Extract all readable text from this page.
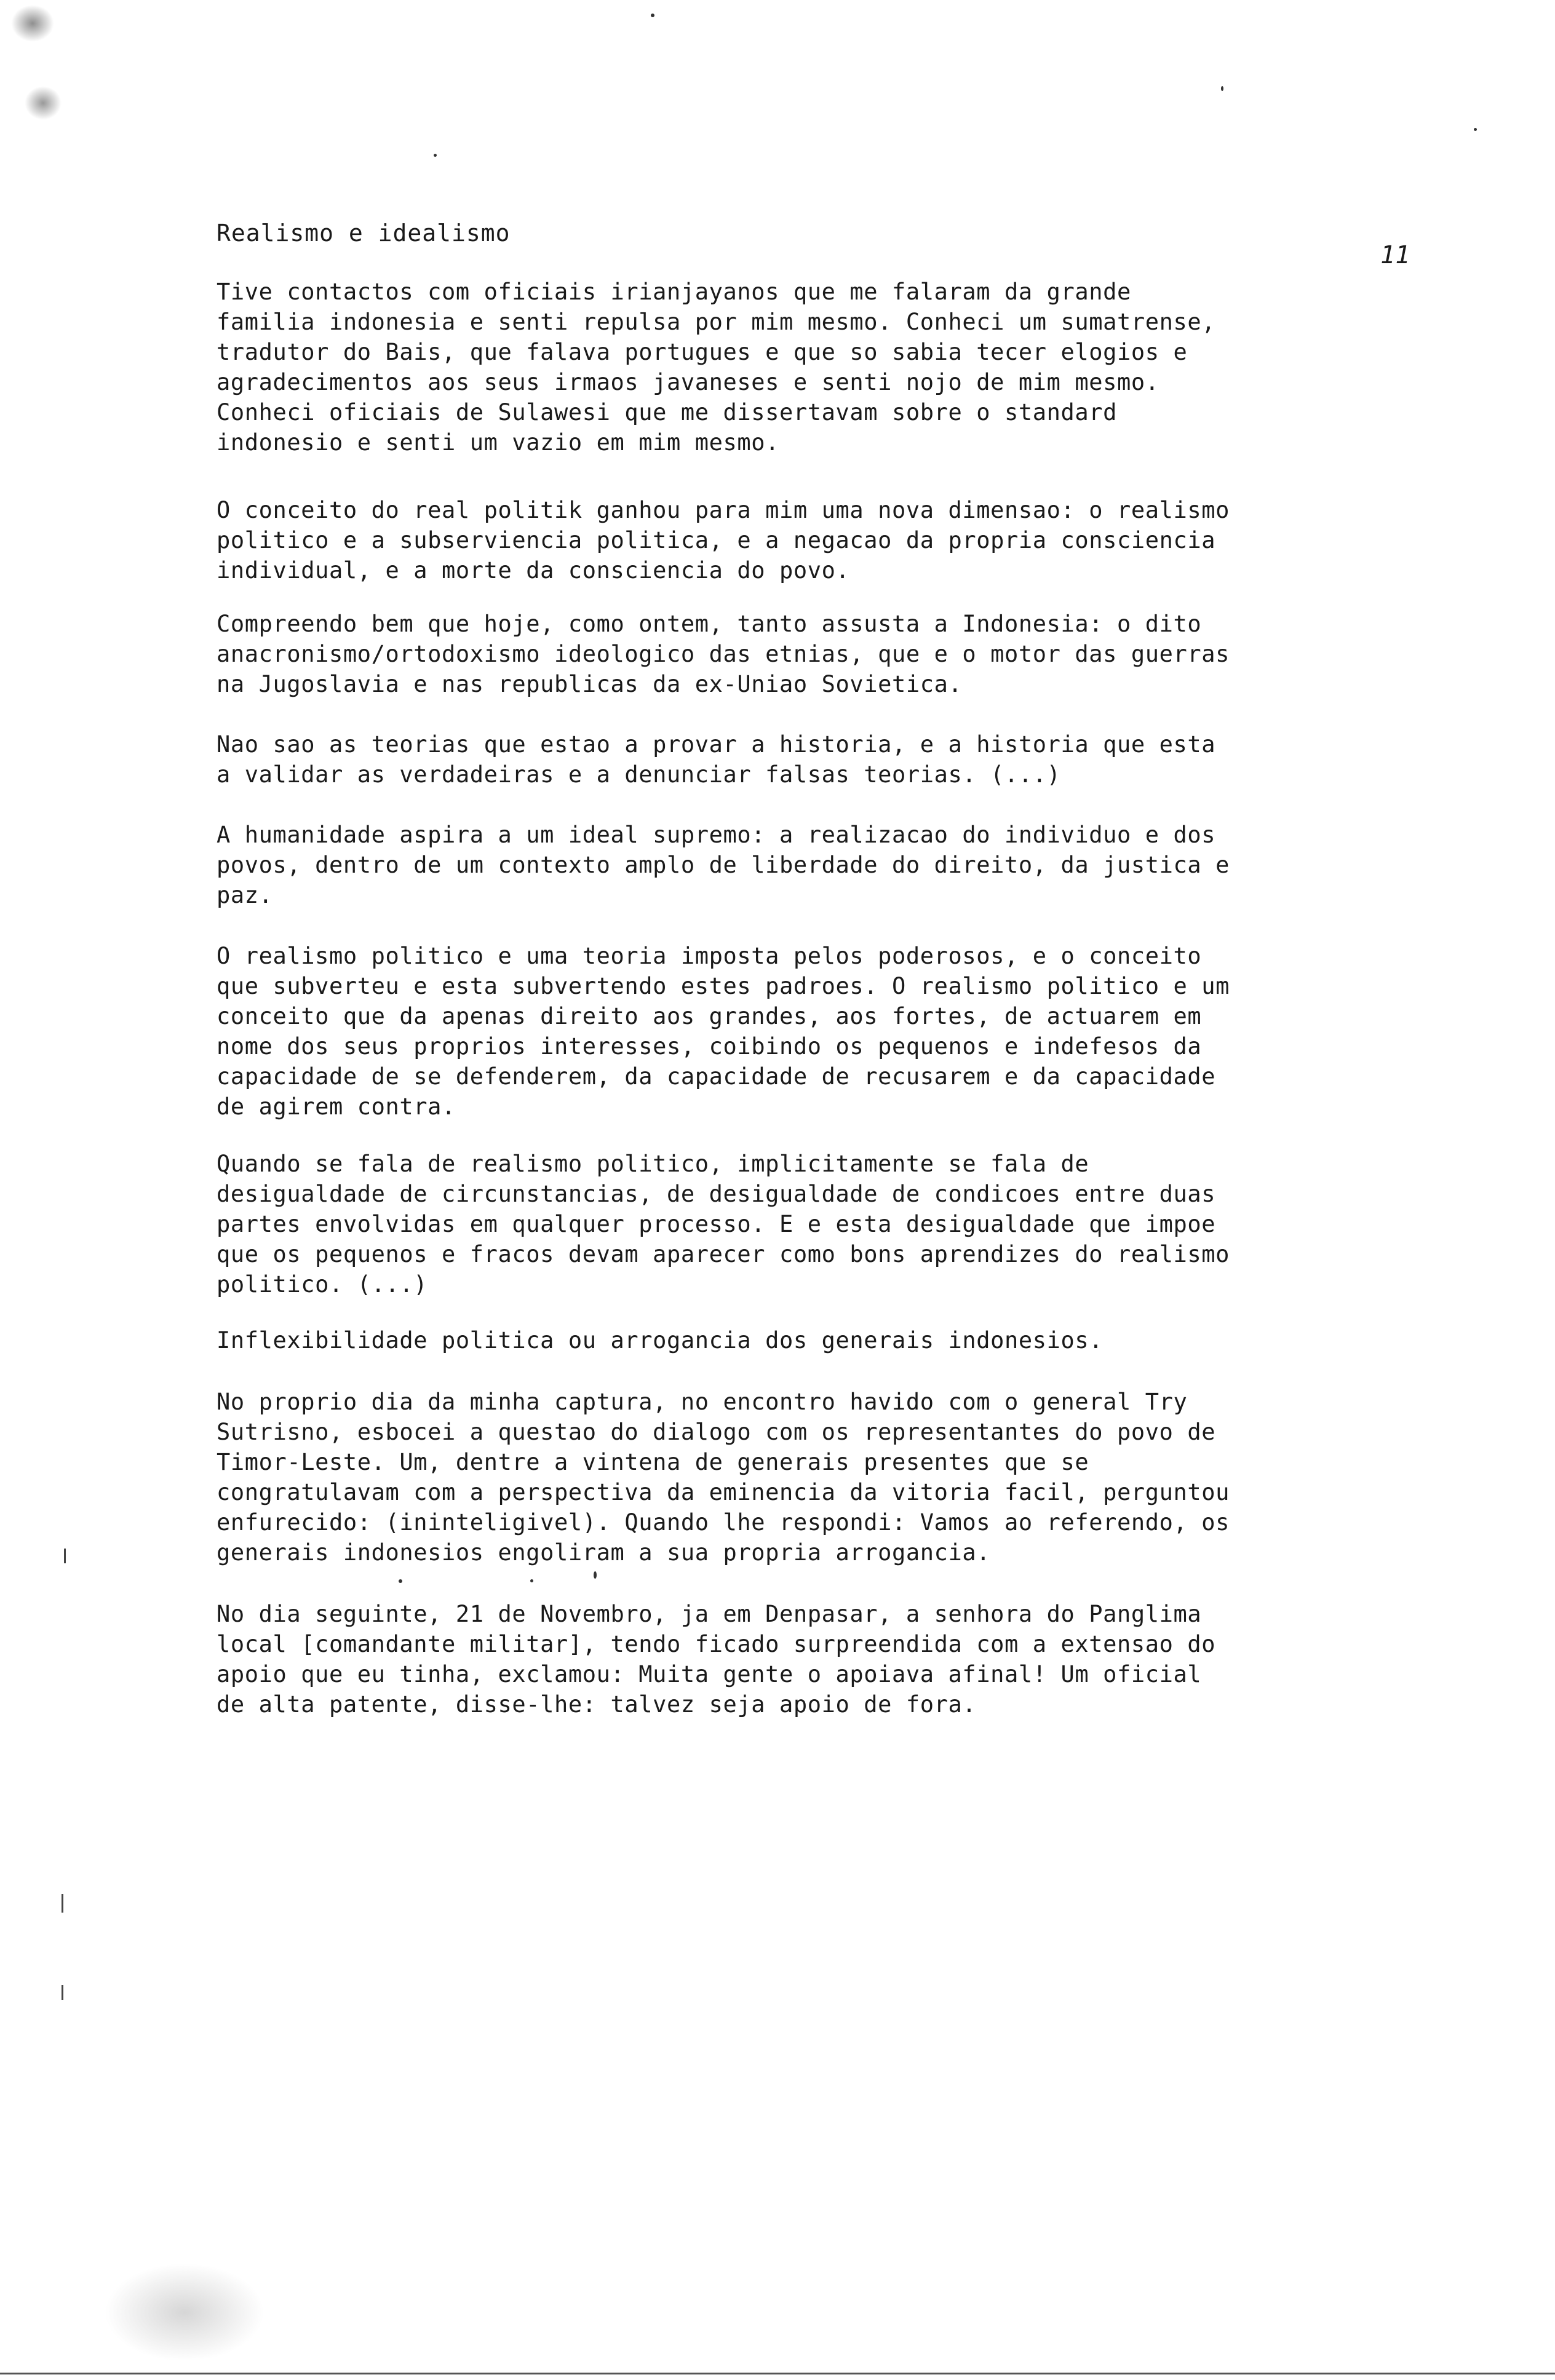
11

Realismo e idealismo

Tive contactos com oficiais irianjayanos que me falaram da grande familia indonesia e senti repulsa por mim mesmo. Conheci um sumatrense, tradutor do Bais, que falava portugues e que so sabia tecer elogios e agradecimentos aos seus irmaos javaneses e senti nojo de mim mesmo. Conheci oficiais de Sulawesi que me dissertavam sobre o standard indonesio e senti um vazio em mim mesmo.

O conceito do real politik ganhou para mim uma nova dimensao: o realismo politico e a subserviencia politica, e a negacao da propria consciencia individual, e a morte da consciencia do povo.

Compreendo bem que hoje, como ontem, tanto assusta a Indonesia: o dito anacronismo/ortodoxismo ideologico das etnias, que e o motor das guerras na Jugoslavia e nas republicas da ex-Uniao Sovietica.

Nao sao as teorias que estao a provar a historia, e a historia que esta a validar as verdadeiras e a denunciar falsas teorias. (...)

A humanidade aspira a um ideal supremo: a realizacao do individuo e dos povos, dentro de um contexto amplo de liberdade do direito, da justica e paz.

O realismo politico e uma teoria imposta pelos poderosos, e o conceito que subverteu e esta subvertendo estes padroes. O realismo politico e um conceito que da apenas direito aos grandes, aos fortes, de actuarem em nome dos seus proprios interesses, coibindo os pequenos e indefesos da capacidade de se defenderem, da capacidade de recusarem e da capacidade de agirem contra.

Quando se fala de realismo politico, implicitamente se fala de desigualdade de circunstancias, de desigualdade de condicoes entre duas partes envolvidas em qualquer processo. E e esta desigualdade que impoe que os pequenos e fracos devam aparecer como bons aprendizes do realismo politico. (...)

Inflexibilidade politica ou arrogancia dos generais indonesios.

No proprio dia da minha captura, no encontro havido com o general Try Sutrisno, esbocei a questao do dialogo com os representantes do povo de Timor-Leste. Um, dentre a vintena de generais presentes que se congratulavam com a perspectiva da eminencia da vitoria facil, perguntou enfurecido: (ininteligivel). Quando lhe respondi: Vamos ao referendo, os generais indonesios engoliram a sua propria arrogancia.

No dia seguinte, 21 de Novembro, ja em Denpasar, a senhora do Panglima local [comandante militar], tendo ficado surpreendida com a extensao do apoio que eu tinha, exclamou: Muita gente o apoiava afinal! Um oficial de alta patente, disse-lhe: talvez seja apoio de fora.
